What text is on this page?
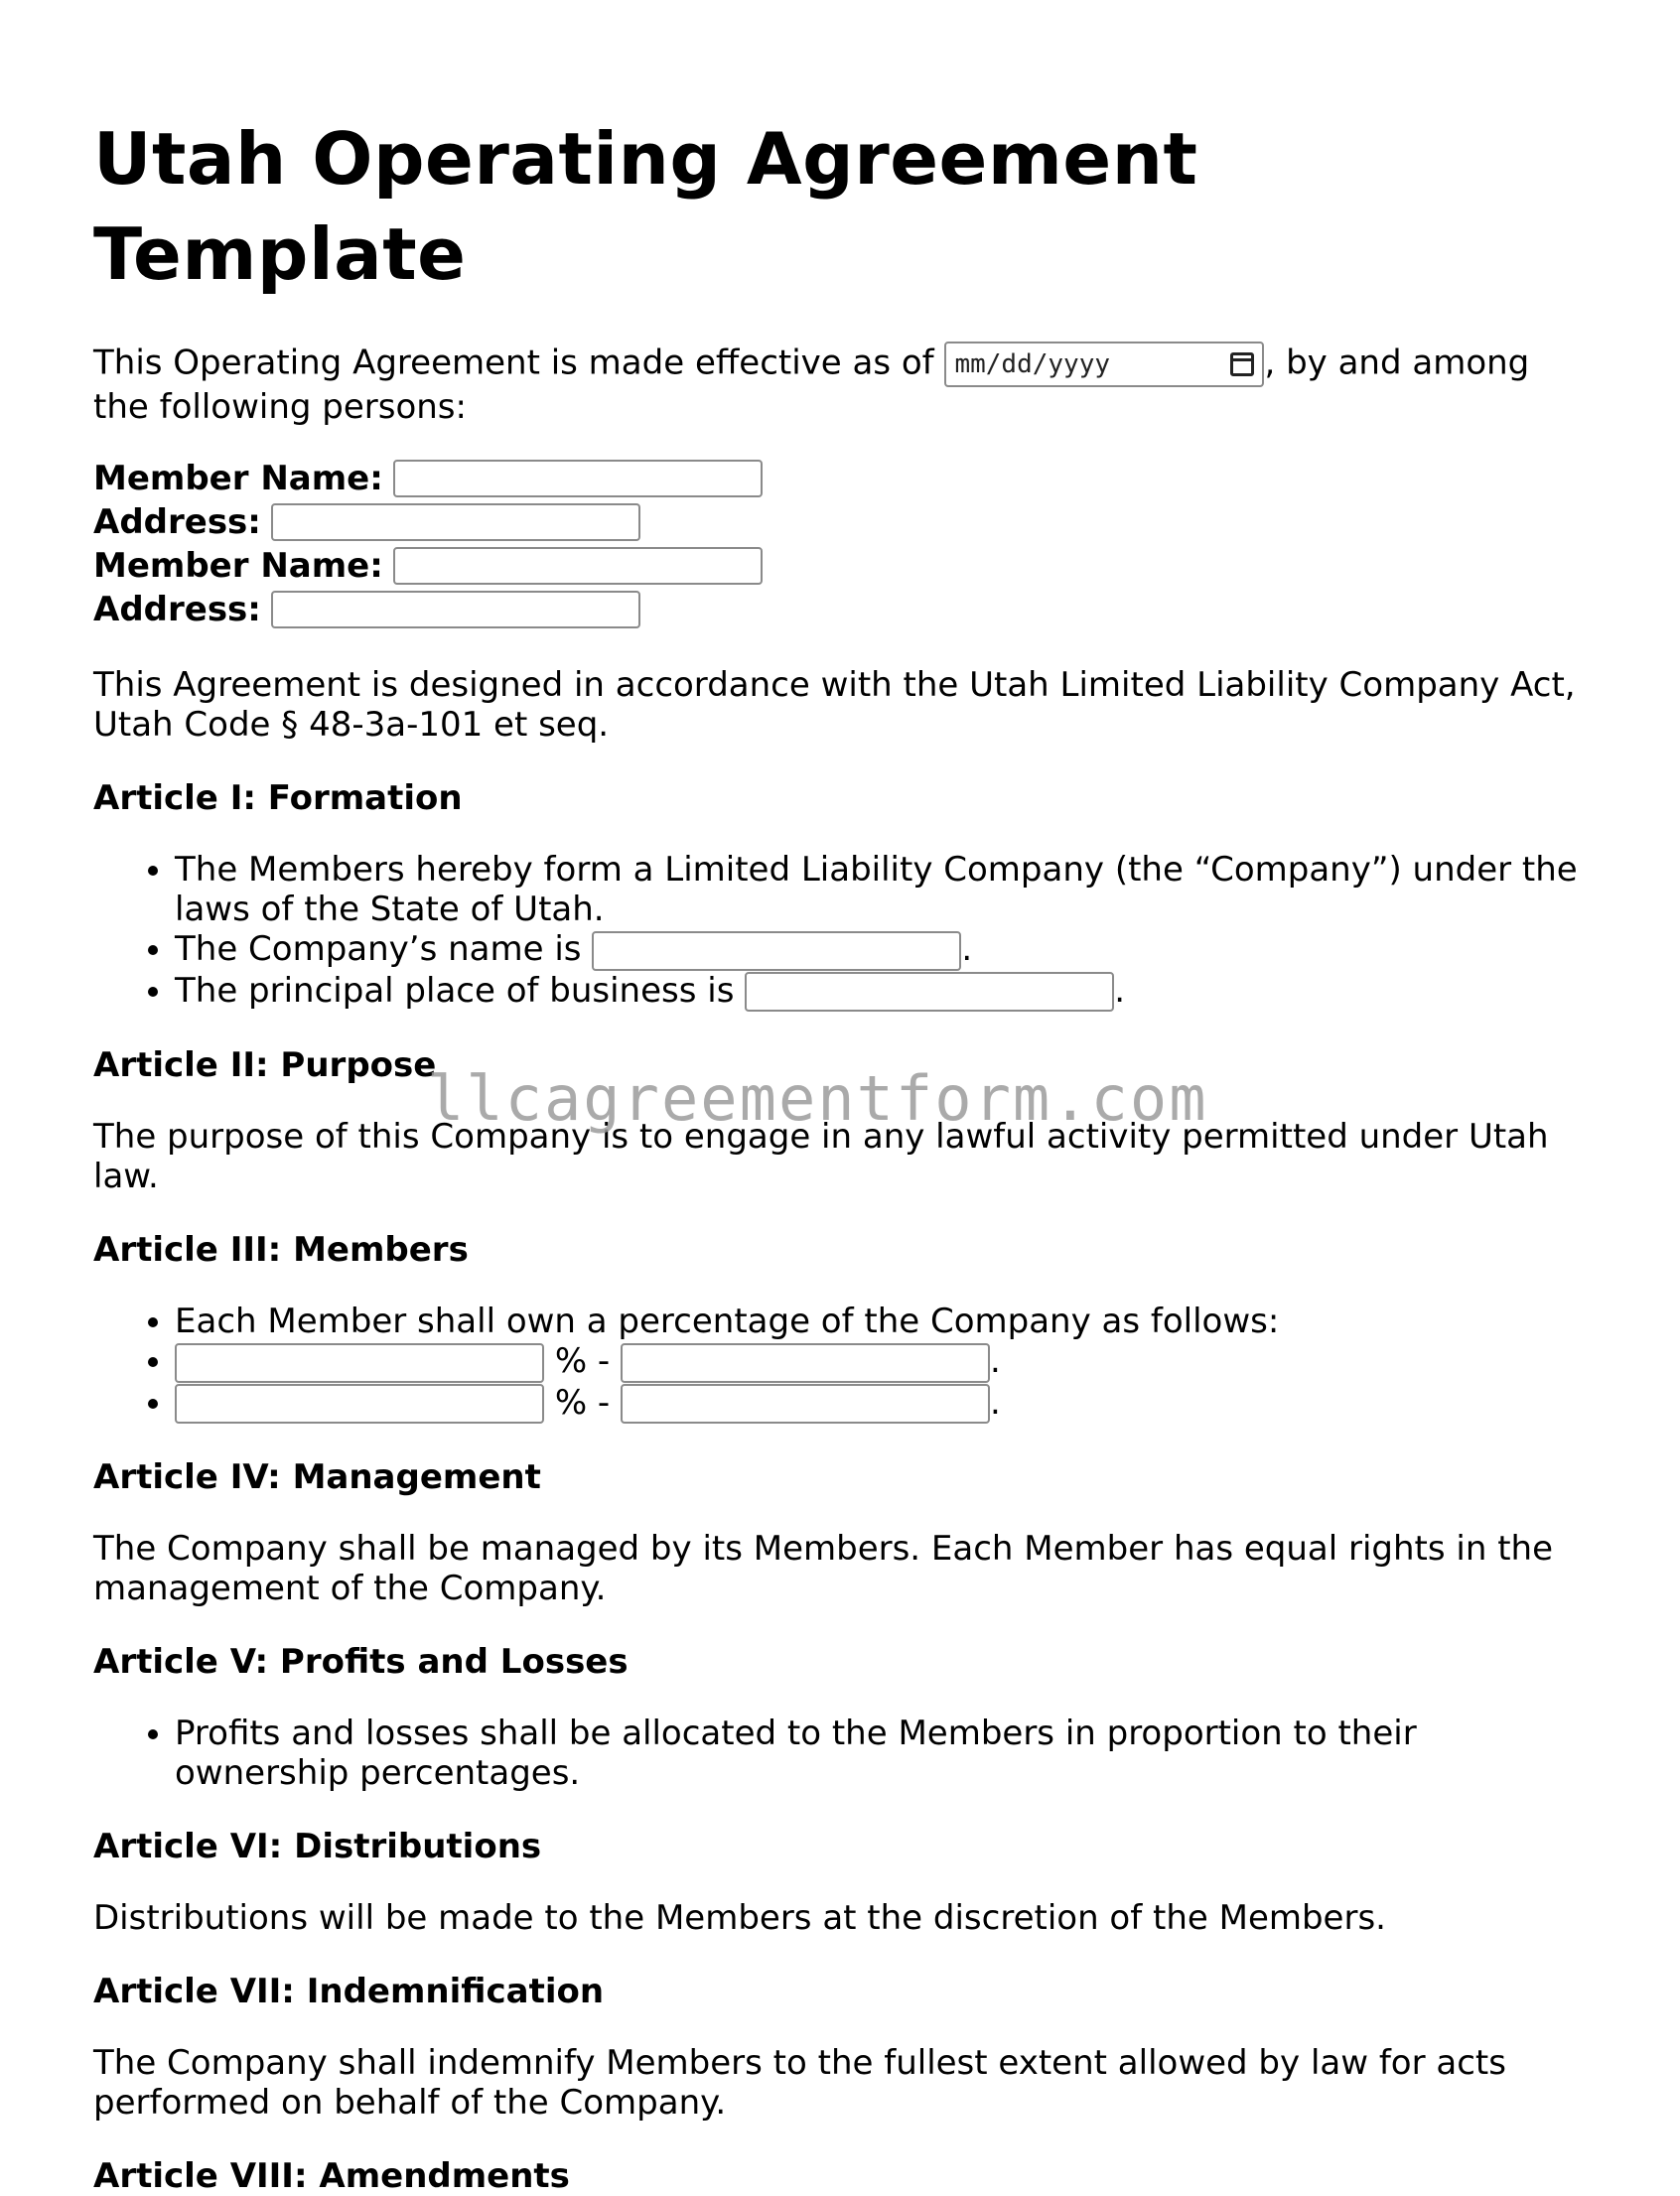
Utah Operating Agreement Template

This Operating Agreement is made effective as of mm/dd/yyyy	, by and among the following persons:

Member Name:
Address:
Member Name:
Address:

This Agreement is designed in accordance with the Utah Limited Liability Company Act, Utah Code § 48-3a-101 et seq.

Article I: Formation
• The Members hereby form a Limited Liability Company (the “Company”) under the laws of the State of Utah.
• The Company’s name is	.
• The principal place of business is	.
Article II: Purpose

The purpose of this Company is to engage in any lawful activity permitted under Utah law.

Article III: Members
• Each Member shall own a percentage of the Company as follows:
• % -	.
• % -	.
Article IV: Management

The Company shall be managed by its Members. Each Member has equal rights in the management of the Company.

Article V: Profits and Losses
• Profits and losses shall be allocated to the Members in proportion to their ownership percentages.
Article VI: Distributions

Distributions will be made to the Members at the discretion of the Members.

Article VII: Indemnification

The Company shall indemnify Members to the fullest extent allowed by law for acts performed on behalf of the Company.

Article VIII: Amendments
llcagreementform.com
